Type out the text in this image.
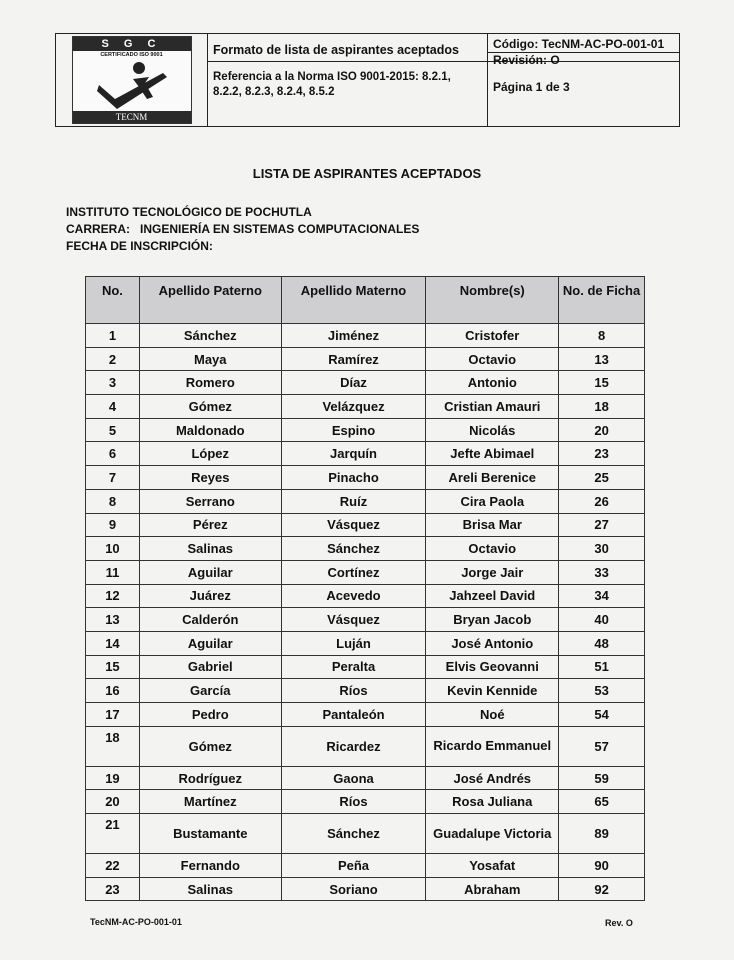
S G C
CERTIFICADO ISO 9001
TECNM
Formato de lista de aspirantes aceptados	Código: TecNM-AC-PO-001-01
Revisión: O
Referencia a la Norma ISO 9001-2015: 8.2.1, 8.2.2, 8.2.3, 8.2.4, 8.5.2	Página 1 de 3
LISTA DE ASPIRANTES ACEPTADOS
INSTITUTO TECNOLÓGICO DE POCHUTLA
CARRERA:   INGENIERÍA EN SISTEMAS COMPUTACIONALES
FECHA DE INSCRIPCIÓN:
No.	Apellido Paterno	Apellido Materno	Nombre(s)	No. de Ficha
1	Sánchez	Jiménez	Cristofer	8
2	Maya	Ramírez	Octavio	13
3	Romero	Díaz	Antonio	15
4	Gómez	Velázquez	Cristian Amauri	18
5	Maldonado	Espino	Nicolás	20
6	López	Jarquín	Jefte Abimael	23
7	Reyes	Pinacho	Areli Berenice	25
8	Serrano	Ruíz	Cira Paola	26
9	Pérez	Vásquez	Brisa Mar	27
10	Salinas	Sánchez	Octavio	30
11	Aguilar	Cortínez	Jorge Jair	33
12	Juárez	Acevedo	Jahzeel David	34
13	Calderón	Vásquez	Bryan Jacob	40
14	Aguilar	Luján	José Antonio	48
15	Gabriel	Peralta	Elvis Geovanni	51
16	García	Ríos	Kevin Kennide	53
17	Pedro	Pantaleón	Noé	54
18	Gómez	Ricardez	Ricardo Emmanuel	57
19	Rodríguez	Gaona	José Andrés	59
20	Martínez	Ríos	Rosa Juliana	65
21	Bustamante	Sánchez	Guadalupe Victoria	89
22	Fernando	Peña	Yosafat	90
23	Salinas	Soriano	Abraham	92
TecNM-AC-PO-001-01	Rev. O
